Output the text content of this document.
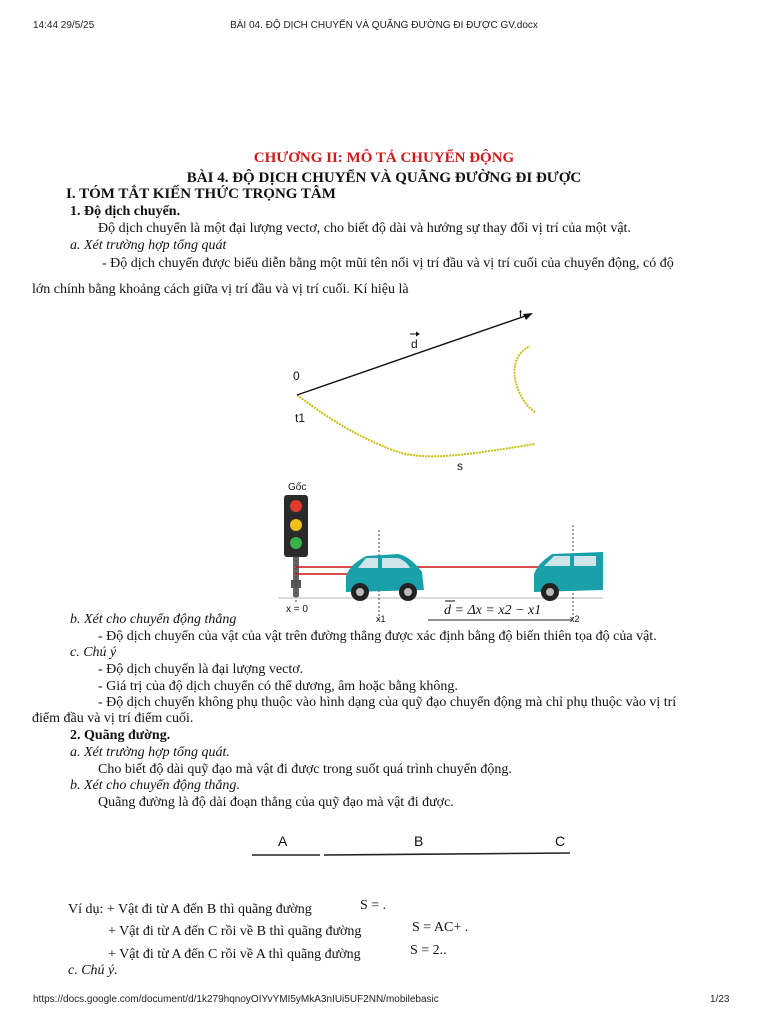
14:44 29/5/25	BÀI 04. ĐỘ DỊCH CHUYỂN VÀ QUÃNG ĐƯỜNG ĐI ĐƯỢC GV.docx
CHƯƠNG II: MÔ TẢ CHUYỂN ĐỘNG
BÀI 4. ĐỘ DỊCH CHUYỂN VÀ QUÃNG ĐƯỜNG ĐI ĐƯỢC
I. TÓM TẮT KIẾN THỨC TRỌNG TÂM
1. Độ dịch chuyển.
Độ dịch chuyển là một đại lượng vectơ, cho biết độ dài và hướng sự thay đổi vị trí của một vật.
a. Xét trường hợp tổng quát
- Độ dịch chuyển được biểu diễn bằng một mũi tên nối vị trí đầu và vị trí cuối của chuyển động, có độ
lớn chính bằng khoảng cách giữa vị trí đầu và vị trí cuối. Kí hiệu là
t
d
0
t1
s
Gốc
x = 0
x1	x2
d = Δx = x2 − x1
b. Xét cho chuyển động thẳng
- Độ dịch chuyển của vật của vật trên đường thẳng được xác định bằng độ biến thiên tọa độ của vật.
c. Chú ý
- Độ dịch chuyển là đại lượng vectơ.
- Giá trị của độ dịch chuyển có thể dương, âm hoặc bằng không.
- Độ dịch chuyển không phụ thuộc vào hình dạng của quỹ đạo chuyển động mà chỉ phụ thuộc vào vị trí
điểm đầu và vị trí điểm cuối.
2. Quãng đường.
a. Xét trường hợp tổng quát.
Cho biết độ dài quỹ đạo mà vật đi được trong suốt quá trình chuyển động.
b. Xét cho chuyển động thẳng.
Quãng đường là độ dài đoạn thẳng của quỹ đạo mà vật đi được.
A	B	C
Ví dụ: + Vật đi từ A đến B thì quãng đường	S = .
+ Vật đi từ A đến C rồi về B thì quãng đường	S = AC+ .
+ Vật đi từ A đến C rồi về A thì quãng đường	S = 2..
c. Chú ý.
https://docs.google.com/document/d/1k279hqnoyOIYvYMI5yMkA3nIUi5UF2NN/mobilebasic	1/23
